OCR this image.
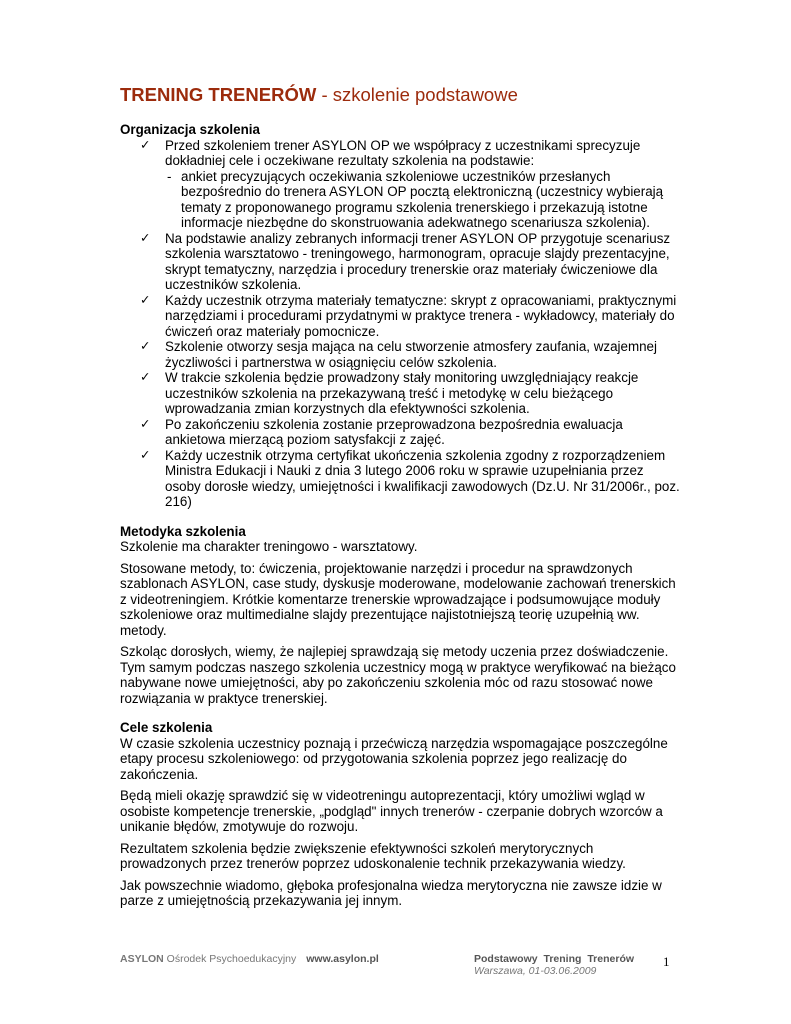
TRENING TRENERÓW - szkolenie podstawowe

Organizacja szkolenia

✓ Przed szkoleniem trener ASYLON OP we współpracy z uczestnikami sprecyzuje dokładniej cele i oczekiwane rezultaty szkolenia na podstawie:
- ankiet precyzujących oczekiwania szkoleniowe uczestników przesłanych bezpośrednio do trenera ASYLON OP pocztą elektroniczną (uczestnicy wybierają tematy z proponowanego programu szkolenia trenerskiego i przekazują istotne informacje niezbędne do skonstruowania adekwatnego scenariusza szkolenia).
✓ Na podstawie analizy zebranych informacji trener ASYLON OP przygotuje scenariusz szkolenia warsztatowo - treningowego, harmonogram, opracuje slajdy prezentacyjne, skrypt tematyczny, narzędzia i procedury trenerskie oraz materiały ćwiczeniowe dla uczestników szkolenia.
✓ Każdy uczestnik otrzyma materiały tematyczne: skrypt z opracowaniami, praktycznymi narzędziami i procedurami przydatnymi w praktyce trenera - wykładowcy, materiały do ćwiczeń oraz materiały pomocnicze.
✓ Szkolenie otworzy sesja mająca na celu stworzenie atmosfery zaufania, wzajemnej życzliwości i partnerstwa w osiągnięciu celów szkolenia.
✓ W trakcie szkolenia będzie prowadzony stały monitoring uwzględniający reakcje uczestników szkolenia na przekazywaną treść i metodykę w celu bieżącego wprowadzania zmian korzystnych dla efektywności szkolenia.
✓ Po zakończeniu szkolenia zostanie przeprowadzona bezpośrednia ewaluacja ankietowa mierzącą poziom satysfakcji z zajęć.
✓ Każdy uczestnik otrzyma certyfikat ukończenia szkolenia zgodny z rozporządzeniem Ministra Edukacji i Nauki z dnia 3 lutego 2006 roku w sprawie uzupełniania przez osoby dorosłe wiedzy, umiejętności i kwalifikacji zawodowych (Dz.U. Nr 31/2006r., poz. 216)

Metodyka szkolenia

Szkolenie ma charakter treningowo - warsztatowy.

Stosowane metody, to: ćwiczenia, projektowanie narzędzi i procedur na sprawdzonych szablonach ASYLON, case study, dyskusje moderowane, modelowanie zachowań trenerskich z videotreningiem. Krótkie komentarze trenerskie wprowadzające i podsumowujące moduły szkoleniowe oraz multimedialne slajdy prezentujące najistotniejszą teorię uzupełnią ww. metody.

Szkoląc dorosłych, wiemy, że najlepiej sprawdzają się metody uczenia przez doświadczenie. Tym samym podczas naszego szkolenia uczestnicy mogą w praktyce weryfikować na bieżąco nabywane nowe umiejętności, aby po zakończeniu szkolenia móc od razu stosować nowe rozwiązania w praktyce trenerskiej.

Cele szkolenia

W czasie szkolenia uczestnicy poznają i przećwiczą narzędzia wspomagające poszczególne etapy procesu szkoleniowego: od przygotowania szkolenia poprzez jego realizację do zakończenia.

Będą mieli okazję sprawdzić się w videotreningu autoprezentacji, który umożliwi wgląd w osobiste kompetencje trenerskie, „podgląd" innych trenerów - czerpanie dobrych wzorców a unikanie błędów, zmotywuje do rozwoju.

Rezultatem szkolenia będzie zwiększenie efektywności szkoleń merytorycznych prowadzonych przez trenerów poprzez udoskonalenie technik przekazywania wiedzy.

Jak powszechnie wiadomo, głęboka profesjonalna wiedza merytoryczna nie zawsze idzie w parze z umiejętnością przekazywania jej innym.

ASYLON Ośrodek Psychoedukacyjny www.asylon.pl	Podstawowy Trening Trenerów
Warszawa, 01-03.06.2009
1
